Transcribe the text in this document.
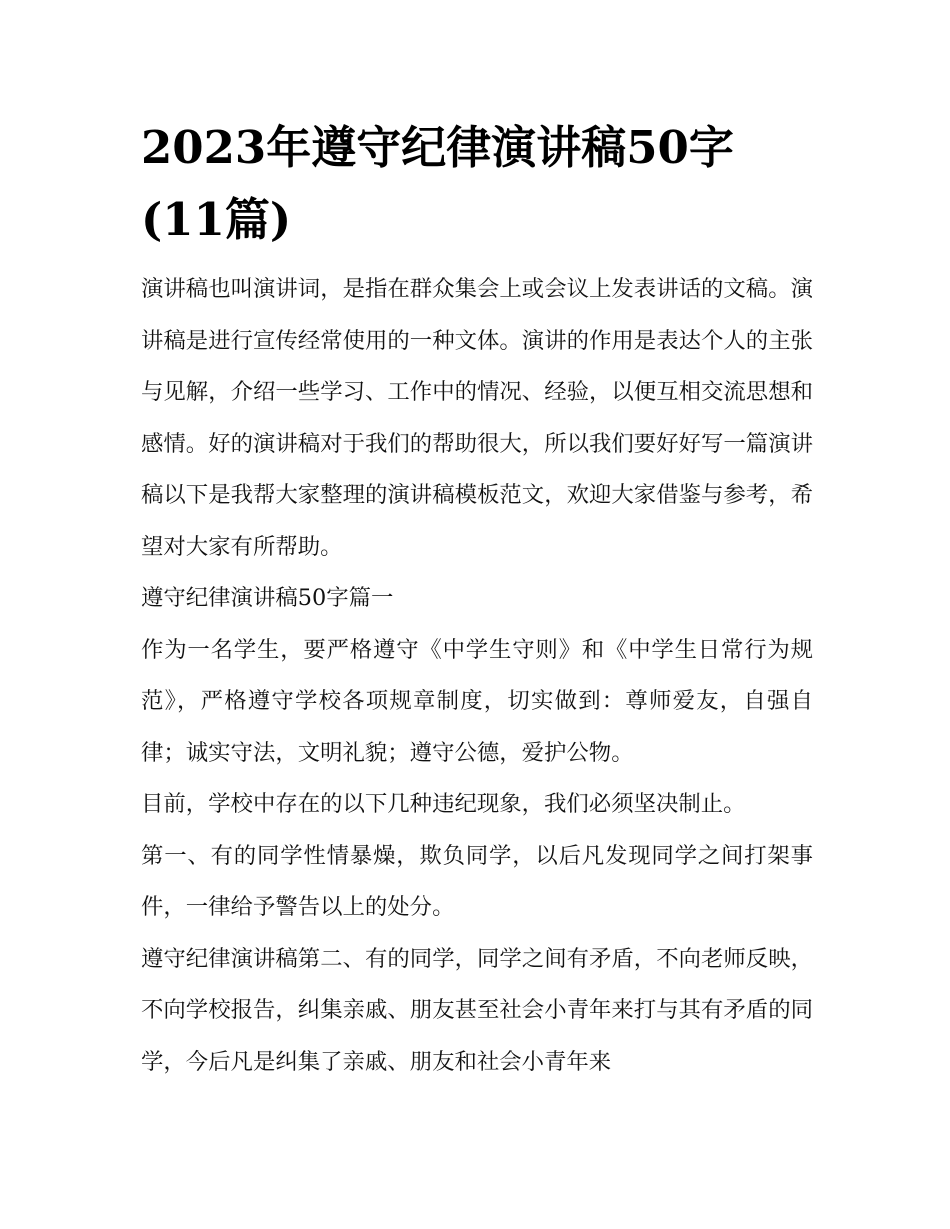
2023年遵守纪律演讲稿50字(11篇)

演讲稿也叫演讲词，是指在群众集会上或会议上发表讲话的文稿。演讲稿是进行宣传经常使用的一种文体。演讲的作用是表达个人的主张与见解，介绍一些学习、工作中的情况、经验，以便互相交流思想和感情。好的演讲稿对于我们的帮助很大，所以我们要好好写一篇演讲稿以下是我帮大家整理的演讲稿模板范文，欢迎大家借鉴与参考，希望对大家有所帮助。

遵守纪律演讲稿50字篇一

作为一名学生，要严格遵守《中学生守则》和《中学生日常行为规范》，严格遵守学校各项规章制度，切实做到：尊师爱友，自强自律；诚实守法，文明礼貌；遵守公德，爱护公物。

目前，学校中存在的以下几种违纪现象，我们必须坚决制止。

第一、有的同学性情暴燥，欺负同学，以后凡发现同学之间打架事件，一律给予警告以上的处分。

遵守纪律演讲稿第二、有的同学，同学之间有矛盾，不向老师反映，不向学校报告，纠集亲戚、朋友甚至社会小青年来打与其有矛盾的同学，今后凡是纠集了亲戚、朋友和社会小青年来
